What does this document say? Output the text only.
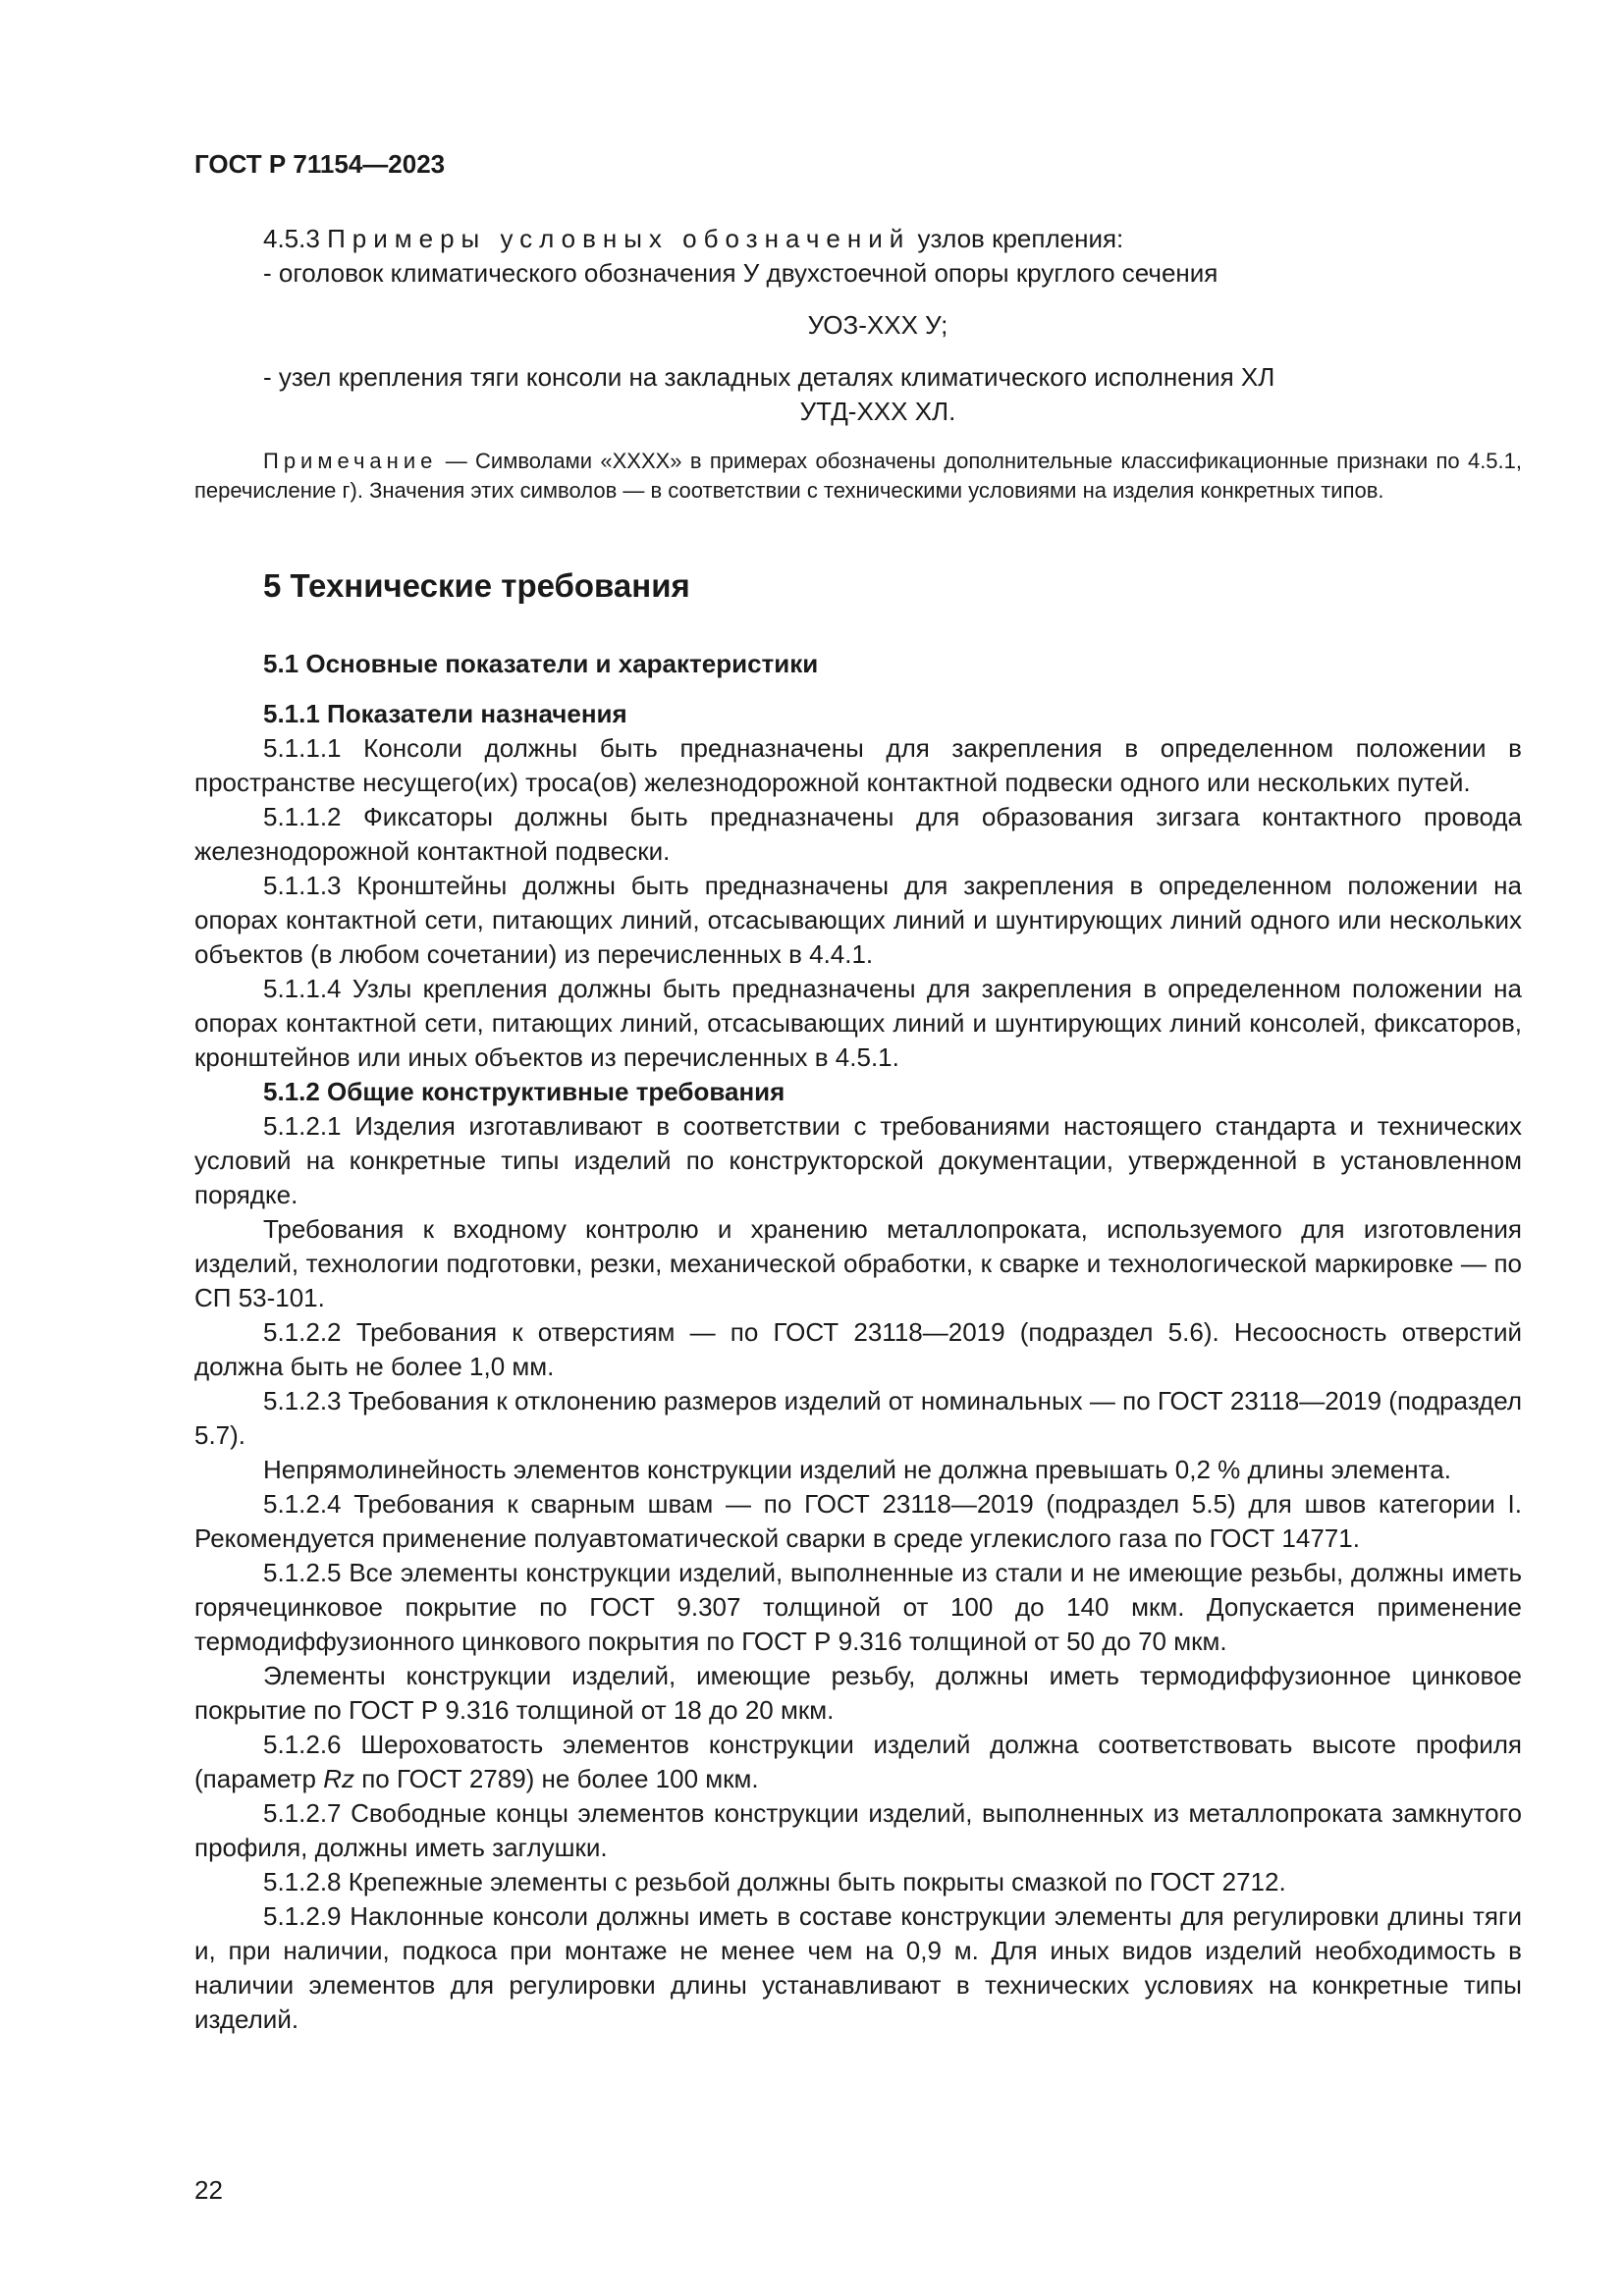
ГОСТ Р 71154—2023

4.5.3 Примеры условных обозначений узлов крепления:

- оголовок климатического обозначения У двухстоечной опоры круглого сечения

УОЗ-XXX У;

- узел крепления тяги консоли на закладных деталях климатического исполнения ХЛ

УТД-XXX ХЛ.

Примечание — Символами «XXXX» в примерах обозначены дополнительные классификационные признаки по 4.5.1, перечисление г). Значения этих символов — в соответствии с техническими условиями на изделия конкретных типов.

5 Технические требования
5.1 Основные показатели и характеристики
5.1.1 Показатели назначения

5.1.1.1 Консоли должны быть предназначены для закрепления в определенном положении в пространстве несущего(их) троса(ов) железнодорожной контактной подвески одного или нескольких путей.

5.1.1.2 Фиксаторы должны быть предназначены для образования зигзага контактного провода железнодорожной контактной подвески.

5.1.1.3 Кронштейны должны быть предназначены для закрепления в определенном положении на опорах контактной сети, питающих линий, отсасывающих линий и шунтирующих линий одного или нескольких объектов (в любом сочетании) из перечисленных в 4.4.1.

5.1.1.4 Узлы крепления должны быть предназначены для закрепления в определенном положении на опорах контактной сети, питающих линий, отсасывающих линий и шунтирующих линий консолей, фиксаторов, кронштейнов или иных объектов из перечисленных в 4.5.1.

5.1.2 Общие конструктивные требования

5.1.2.1 Изделия изготавливают в соответствии с требованиями настоящего стандарта и технических условий на конкретные типы изделий по конструкторской документации, утвержденной в установленном порядке.

Требования к входному контролю и хранению металлопроката, используемого для изготовления изделий, технологии подготовки, резки, механической обработки, к сварке и технологической маркировке — по СП 53-101.

5.1.2.2 Требования к отверстиям — по ГОСТ 23118—2019 (подраздел 5.6). Несоосность отверстий должна быть не более 1,0 мм.

5.1.2.3 Требования к отклонению размеров изделий от номинальных — по ГОСТ 23118—2019 (подраздел 5.7).

Непрямолинейность элементов конструкции изделий не должна превышать 0,2 % длины элемента.

5.1.2.4 Требования к сварным швам — по ГОСТ 23118—2019 (подраздел 5.5) для швов категории I. Рекомендуется применение полуавтоматической сварки в среде углекислого газа по ГОСТ 14771.

5.1.2.5 Все элементы конструкции изделий, выполненные из стали и не имеющие резьбы, должны иметь горячецинковое покрытие по ГОСТ 9.307 толщиной от 100 до 140 мкм. Допускается применение термодиффузионного цинкового покрытия по ГОСТ Р 9.316 толщиной от 50 до 70 мкм.

Элементы конструкции изделий, имеющие резьбу, должны иметь термодиффузионное цинковое покрытие по ГОСТ Р 9.316 толщиной от 18 до 20 мкм.

5.1.2.6 Шероховатость элементов конструкции изделий должна соответствовать высоте профиля (параметр Rz по ГОСТ 2789) не более 100 мкм.

5.1.2.7 Свободные концы элементов конструкции изделий, выполненных из металлопроката замкнутого профиля, должны иметь заглушки.

5.1.2.8 Крепежные элементы с резьбой должны быть покрыты смазкой по ГОСТ 2712.

5.1.2.9 Наклонные консоли должны иметь в составе конструкции элементы для регулировки длины тяги и, при наличии, подкоса при монтаже не менее чем на 0,9 м. Для иных видов изделий необходимость в наличии элементов для регулировки длины устанавливают в технических условиях на конкретные типы изделий.

22
